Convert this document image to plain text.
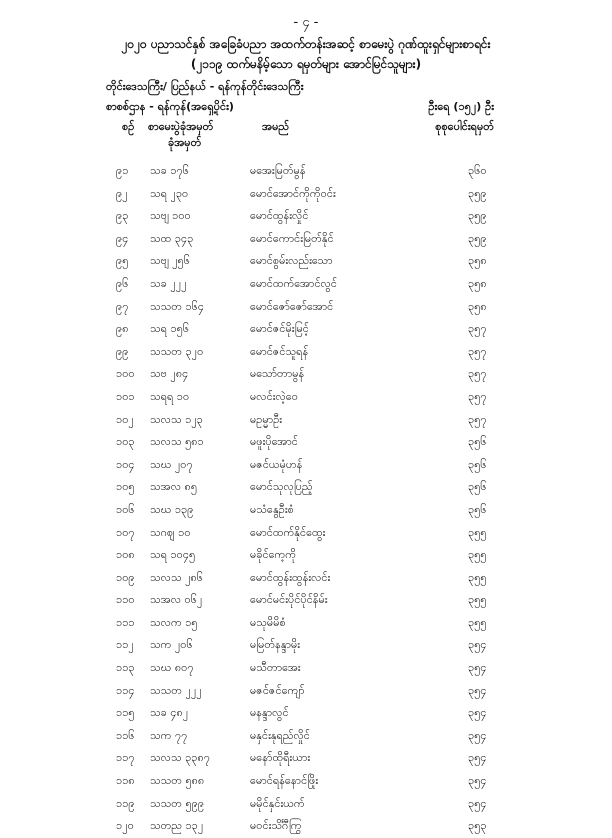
- ၄ -
၂၀၂၀ ပညာသင်နှစ် အခြေခံပညာ အထက်တန်းအဆင့် စာမေးပွဲ ဂုဏ်ထူးရှင်များစာရင်း
(၂၁၁၉ ထက်မနိမ့်သော ရမှတ်များ အောင်မြင်သူများ)
တိုင်းဒေသကြီး/ ပြည်နယ် - ရန်ကုန်တိုင်းဒေသကြီး
စာစစ်ဌာန - ရန်ကုန်(အရှေ့ပိုင်း)	ဦးရေ (၁၅၂) ဦး
စဉ် စာမေးပွဲခုံအမှတ်
ခုံအမှတ်
အမည်	စုစုပေါင်းရမှတ်
၉၁ သခ ၁၇၆	မအေးမြတ်မွန်	၃၆၀
၉၂ သရ ၂၃၀	မောင်အောင်ကိုကိုဝင်း	၃၅၉
၉၃ သဗျ ၁၀၀	မောင်ထွန်းလှိုင်	၃၅၉
၉၄ သထ ၃၄၃	မောင်ကောင်းမြတ်နိုင်	၃၅၉
၉၅ သဗျ ၂၅၆	မောင်စွမ်းလည်းသော	၃၅၈
၉၆ သခ ၂၂၂	မောင်ထက်အောင်လွင်	၃၅၈
၉၇ သသတ ၁၆၄	မောင်ဇော်ဇော်အောင်	၃၅၈
၉၈ သရ ၁၅၆	မောင်ဇင်မိုးမြင့်	၃၅၇
၉၉ သသတ ၃၂၀	မောင်ဇင်သူရန်	၃၅၇
၁၀၀ သဗ ၂၈၄	မသော်တာမွန်	၃၅၇
၁၀၁ သရရ ၁၀	မလင်းလဲ့ဝေ	၃၅၇
၁၀၂ သလသ ၁၂၃	မဥမ္မာဦး	၃၅၇
၁၀၃ သလသ ၅၈၁	မဖူးပိုအောင်	၃၅၆
၁၀၄ သဃ ၂၀၇	မဇင်ယမုံဟန်	၃၅၆
၁၀၅ သအလ ၈၅	မောင်သုလုပြည့်	၃၅၆
၁၀၆ သဃ ၁၃၉	မသံနွေဦးစံ	၃၅၆
၁၀၇ သဂဈ ၁၀	မောင်ထက်နိုင်ထွေး	၃၅၅
၁၀၈ သရ ၁၀၄၅	မခိုင်ကေ့ကို	၃၅၅
၁၀၉ သလသ ၂၈၆	မောင်ထွန်းထွန်းလင်း	၃၅၅
၁၁၀ သအလ ၀၆၂	မောင်မင်းပိုင်ပိုင်နိမ်း	၃၅၅
၁၁၁ သလက ၁၅	မသုမိမိစံ	၃၅၅
၁၁၂ သက ၂၀၆	မမြတ်နန္ဒာမိုး	၃၅၄
၁၁၃ သဃ ၈၀၇	မသီတာအေး	၃၅၄
၁၁၄ သသတ ၂၂၂	မဇင်ဇင်ကျော်	၃၅၄
၁၁၅ သခ ၄၈၂	မနန္ဒာလွင်	၃၅၄
၁၁၆ သက ၇၇	မနှင်းနုရည်လှိုင်	၃၅၄
၁၁၇ သလသ ၃၃၈၇	မနော်ထိုရီးယား	၃၅၄
၁၁၈ သသတ ၅၈၈	မောင်ရန်နောင်ဖြိုး	၃၅၄
၁၁၉ သသတ ၅၉၉	မမိုင်နှင်းယက်	၃၅၄
၁၂၀ သတည ၁၃၂	မဝင်းသိင်္ဂီကြွ	၃၅၃
